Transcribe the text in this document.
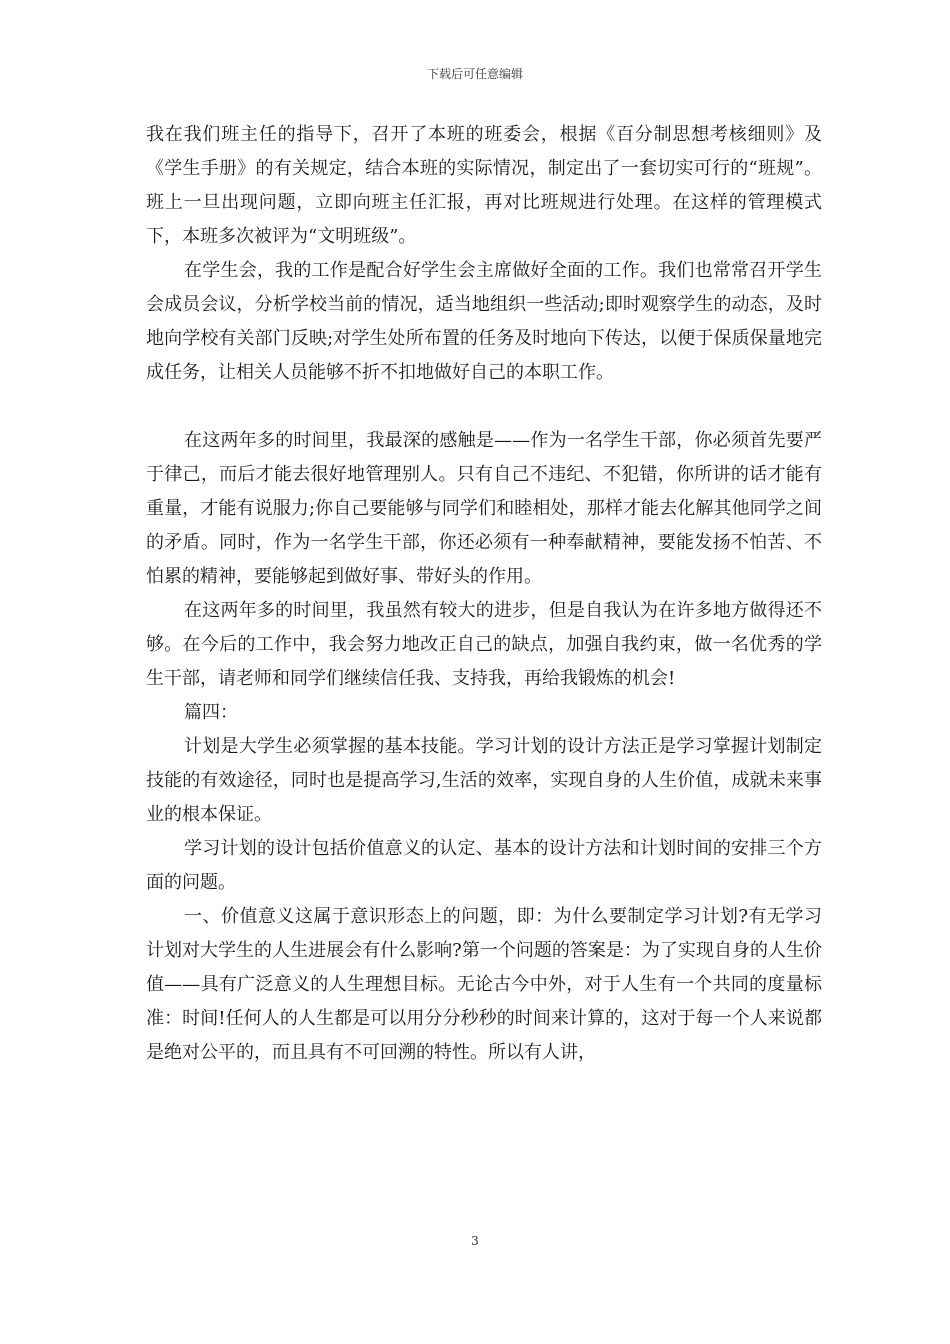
下载后可任意编辑

我在我们班主任的指导下，召开了本班的班委会，根据《百分制思想考核细则》及《学生手册》的有关规定，结合本班的实际情况，制定出了一套切实可行的“班规”。班上一旦出现问题，立即向班主任汇报，再对比班规进行处理。在这样的管理模式下，本班多次被评为“文明班级”。

在学生会，我的工作是配合好学生会主席做好全面的工作。我们也常常召开学生会成员会议，分析学校当前的情况，适当地组织一些活动;即时观察学生的动态，及时地向学校有关部门反映;对学生处所布置的任务及时地向下传达，以便于保质保量地完成任务，让相关人员能够不折不扣地做好自己的本职工作。

在这两年多的时间里，我最深的感触是——作为一名学生干部，你必须首先要严于律己，而后才能去很好地管理别人。只有自己不违纪、不犯错，你所讲的话才能有重量，才能有说服力;你自己要能够与同学们和睦相处，那样才能去化解其他同学之间的矛盾。同时，作为一名学生干部，你还必须有一种奉献精神，要能发扬不怕苦、不怕累的精神，要能够起到做好事、带好头的作用。

在这两年多的时间里，我虽然有较大的进步，但是自我认为在许多地方做得还不够。在今后的工作中，我会努力地改正自己的缺点，加强自我约束，做一名优秀的学生干部，请老师和同学们继续信任我、支持我，再给我锻炼的机会!

篇四：

计划是大学生必须掌握的基本技能。学习计划的设计方法正是学习掌握计划制定技能的有效途径，同时也是提高学习,生活的效率，实现自身的人生价值，成就未来事业的根本保证。

学习计划的设计包括价值意义的认定、基本的设计方法和计划时间的安排三个方面的问题。

一、价值意义这属于意识形态上的问题，即：为什么要制定学习计划?有无学习计划对大学生的人生进展会有什么影响?第一个问题的答案是：为了实现自身的人生价值——具有广泛意义的人生理想目标。无论古今中外，对于人生有一个共同的度量标准：时间!任何人的人生都是可以用分分秒秒的时间来计算的，这对于每一个人来说都是绝对公平的，而且具有不可回溯的特性。所以有人讲，

3
